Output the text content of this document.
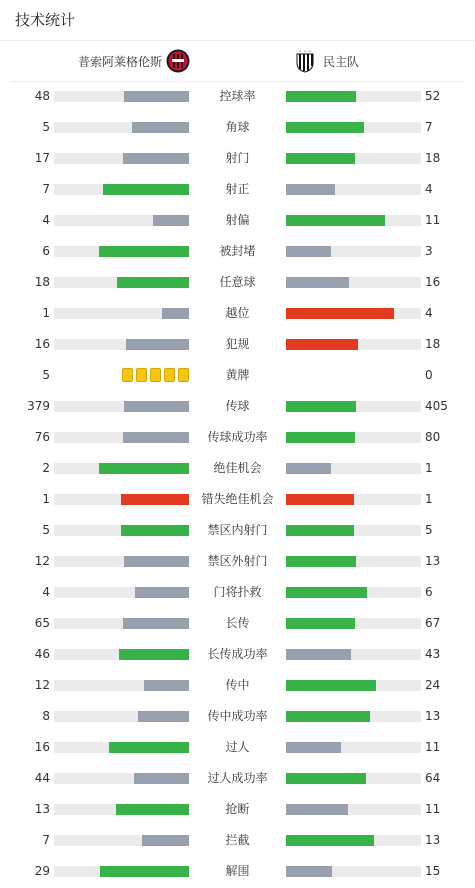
技术统计
普索阿莱格伦斯	民主队
48	控球率	52
5	角球	7
17	射门	18
7	射正	4
4	射偏	11
6	被封堵	3
18	任意球	16
1	越位	4
16	犯规	18
5	黄牌	0
379	传球	405
76	传球成功率	80
2	绝佳机会	1
1	错失绝佳机会	1
5	禁区内射门	5
12	禁区外射门	13
4	门将扑救	6
65	长传	67
46	长传成功率	43
12	传中	24
8	传中成功率	13
16	过人	11
44	过人成功率	64
13	抢断	11
7	拦截	13
29	解围	15
